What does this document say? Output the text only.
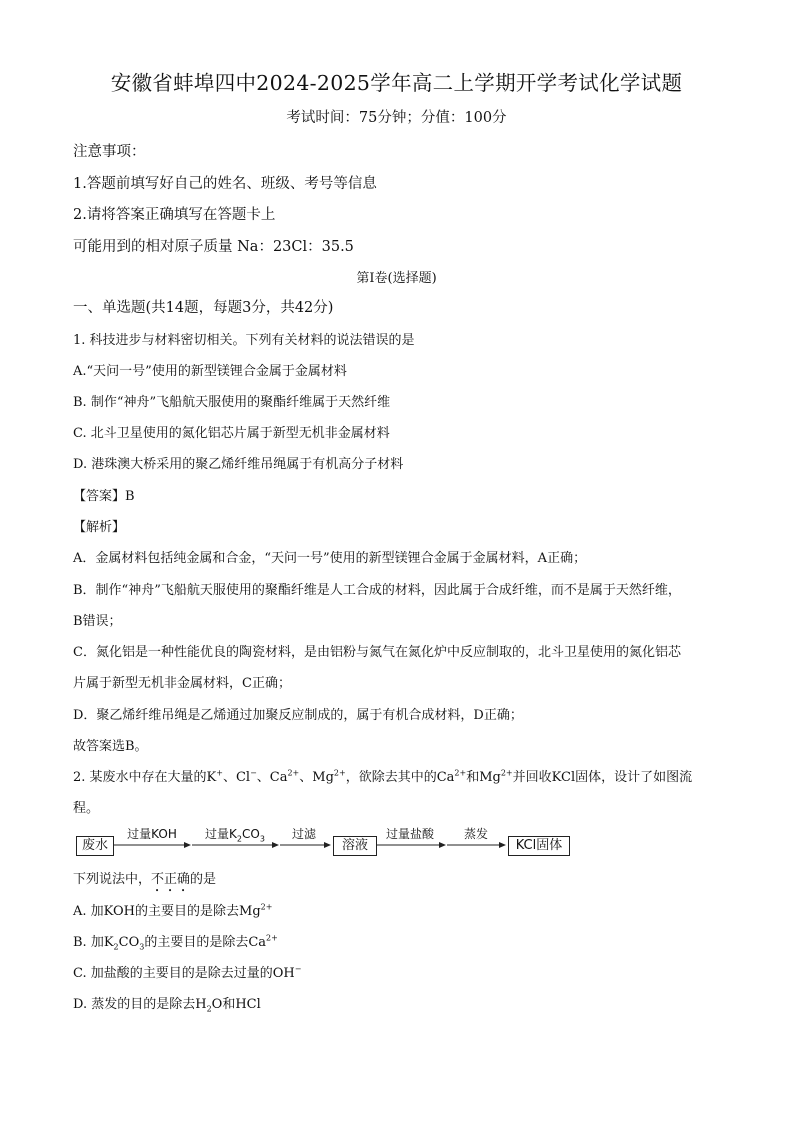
安徽省蚌埠四中2024-2025学年高二上学期开学考试化学试题
考试时间：75分钟；分值：100分
注意事项：
1.答题前填写好自己的姓名、班级、考号等信息
2.请将答案正确填写在答题卡上
可能用到的相对原子质量 Na：23Cl：35.5
第Ⅰ卷(选择题)
一、单选题(共14题，每题3分，共42分)
1. 科技进步与材料密切相关。下列有关材料的说法错误的是
A.“天问一号”使用的新型镁锂合金属于金属材料
B. 制作“神舟”飞船航天服使用的聚酯纤维属于天然纤维
C. 北斗卫星使用的氮化铝芯片属于新型无机非金属材料
D. 港珠澳大桥采用的聚乙烯纤维吊绳属于有机高分子材料
【答案】B
【解析】
A．金属材料包括纯金属和合金，“天问一号”使用的新型镁锂合金属于金属材料，A正确；
B．制作“神舟”飞船航天服使用的聚酯纤维是人工合成的材料，因此属于合成纤维，而不是属于天然纤维，
B错误；
C．氮化铝是一种性能优良的陶瓷材料，是由铝粉与氮气在氮化炉中反应制取的，北斗卫星使用的氮化铝芯
片属于新型无机非金属材料，C正确；
D．聚乙烯纤维吊绳是乙烯通过加聚反应制成的，属于有机合成材料，D正确；
故答案选B。
2. 某废水中存在大量的K+、Cl−、$Ca^{2+}$、$Mg^{2+}$，欲除去其中的$Ca^{2+}$和$Mg^{2+}$并回收KCl固体，设计了如图流
程。
废水
过量KOH	过量$K_2CO_3$	过滤
溶液
过量盐酸	蒸发
KCl固体
下列说法中，不正确的是
A. 加KOH的主要目的是除去$Mg^{2+}$
B. 加$K_2CO_3$的主要目的是除去$Ca^{2+}$
C. 加盐酸的主要目的是除去过量的OH−
D. 蒸发的目的是除去$H_2O$和HCl
